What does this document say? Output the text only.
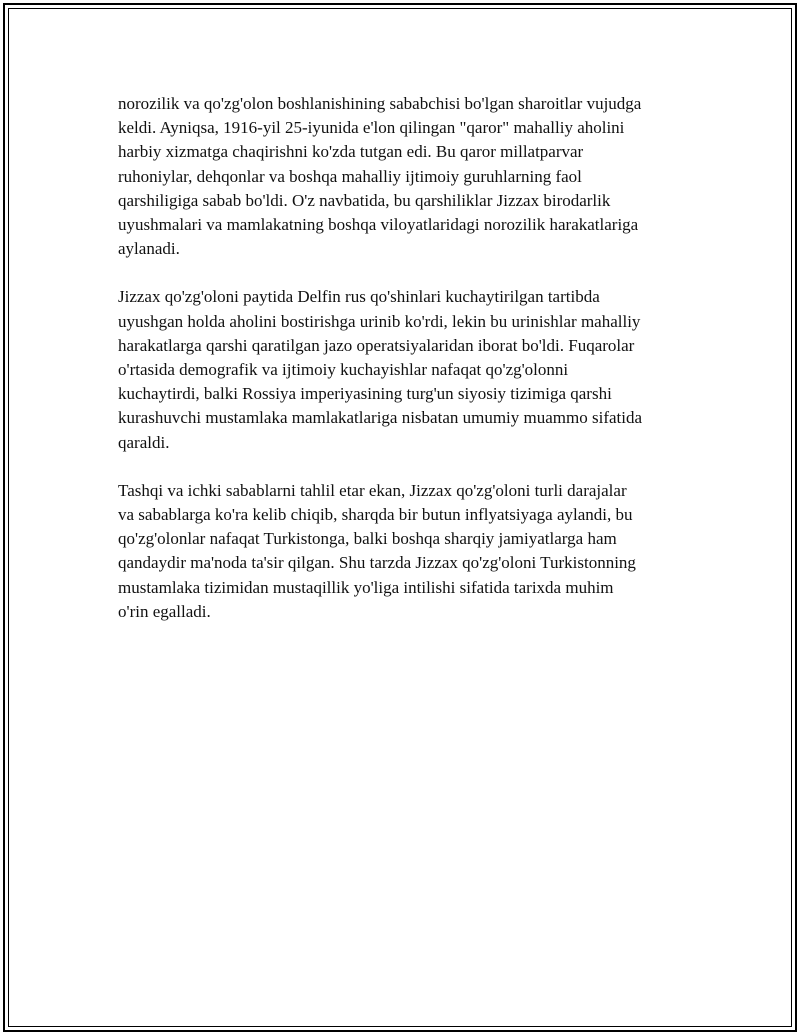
norozilik va qo'zg'olon boshlanishining sababchisi bo'lgan sharoitlar vujudga
keldi. Ayniqsa, 1916-yil 25-iyunida e'lon qilingan "qaror" mahalliy aholini
harbiy xizmatga chaqirishni ko'zda tutgan edi. Bu qaror millatparvar
ruhoniylar, dehqonlar va boshqa mahalliy ijtimoiy guruhlarning faol
qarshiligiga sabab bo'ldi. O'z navbatida, bu qarshiliklar Jizzax birodarlik
uyushmalari va mamlakatning boshqa viloyatlaridagi norozilik harakatlariga
aylanadi.

Jizzax qo'zg'oloni paytida Delfin rus qo'shinlari kuchaytirilgan tartibda
uyushgan holda aholini bostirishga urinib ko'rdi, lekin bu urinishlar mahalliy
harakatlarga qarshi qaratilgan jazo operatsiyalaridan iborat bo'ldi. Fuqarolar
o'rtasida demografik va ijtimoiy kuchayishlar nafaqat qo'zg'olonni
kuchaytirdi, balki Rossiya imperiyasining turg'un siyosiy tizimiga qarshi
kurashuvchi mustamlaka mamlakatlariga nisbatan umumiy muammo sifatida
qaraldi.

Tashqi va ichki sabablarni tahlil etar ekan, Jizzax qo'zg'oloni turli darajalar
va sabablarga ko'ra kelib chiqib, sharqda bir butun inflyatsiyaga aylandi, bu
qo'zg'olonlar nafaqat Turkistonga, balki boshqa sharqiy jamiyatlarga ham
qandaydir ma'noda ta'sir qilgan. Shu tarzda Jizzax qo'zg'oloni Turkistonning
mustamlaka tizimidan mustaqillik yo'liga intilishi sifatida tarixda muhim
o'rin egalladi.
